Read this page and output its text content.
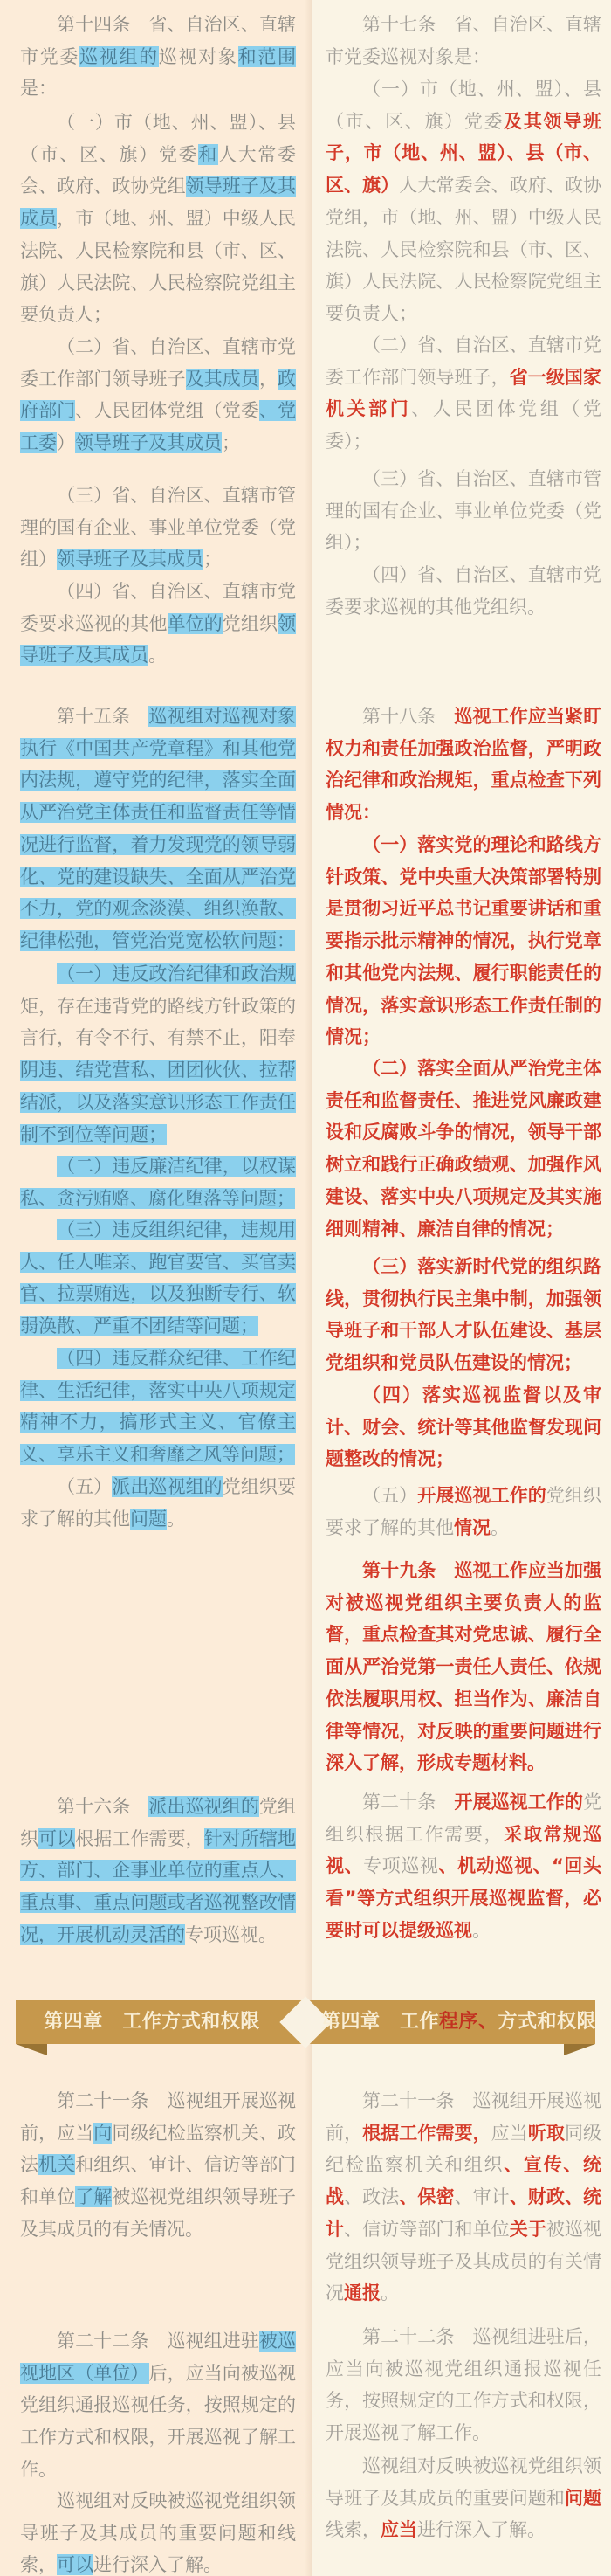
第十四条　省、自治区、直辖市党委巡视组的巡视对象和范围是：

（一）市（地、州、盟）、县（市、区、旗）党委和人大常委会、政府、政协党组领导班子及其成员，市（地、州、盟）中级人民法院、人民检察院和县（市、区、旗）人民法院、人民检察院党组主要负责人；

（二）省、自治区、直辖市党委工作部门领导班子及其成员，政府部门、人民团体党组（党委、党工委）领导班子及其成员；

（三）省、自治区、直辖市管理的国有企业、事业单位党委（党组）领导班子及其成员；

（四）省、自治区、直辖市党委要求巡视的其他单位的党组织领导班子及其成员。

第十五条　巡视组对巡视对象执行《中国共产党章程》和其他党内法规，遵守党的纪律，落实全面从严治党主体责任和监督责任等情况进行监督，着力发现党的领导弱化、党的建设缺失、全面从严治党不力，党的观念淡漠、组织涣散、纪律松弛，管党治党宽松软问题：

（一）违反政治纪律和政治规矩，存在违背党的路线方针政策的言行，有令不行、有禁不止，阳奉阴违、结党营私、团团伙伙、拉帮结派，以及落实意识形态工作责任制不到位等问题；

（二）违反廉洁纪律，以权谋私、贪污贿赂、腐化堕落等问题；

（三）违反组织纪律，违规用人、任人唯亲、跑官要官、买官卖官、拉票贿选，以及独断专行、软弱涣散、严重不团结等问题；

（四）违反群众纪律、工作纪律、生活纪律，落实中央八项规定精神不力，搞形式主义、官僚主义、享乐主义和奢靡之风等问题；

（五）派出巡视组的党组织要求了解的其他问题。

第十六条　派出巡视组的党组织可以根据工作需要，针对所辖地方、部门、企事业单位的重点人、重点事、重点问题或者巡视整改情况，开展机动灵活的专项巡视。

第二十一条　巡视组开展巡视前，应当向同级纪检监察机关、政法机关和组织、审计、信访等部门和单位了解被巡视党组织领导班子及其成员的有关情况。

第二十二条　巡视组进驻被巡视地区（单位）后，应当向被巡视党组织通报巡视任务，按照规定的工作方式和权限，开展巡视了解工作。

巡视组对反映被巡视党组织领导班子及其成员的重要问题和线索，可以进行深入了解。

第十七条　省、自治区、直辖市党委巡视对象是：

（一）市（地、州、盟）、县（市、区、旗）党委及其领导班子，市（地、州、盟）、县（市、区、旗）人大常委会、政府、政协党组，市（地、州、盟）中级人民法院、人民检察院和县（市、区、旗）人民法院、人民检察院党组主要负责人；

（二）省、自治区、直辖市党委工作部门领导班子，省一级国家机关部门、人民团体党组（党委）；

（三）省、自治区、直辖市管理的国有企业、事业单位党委（党组）；

（四）省、自治区、直辖市党委要求巡视的其他党组织。

第十八条　巡视工作应当紧盯权力和责任加强政治监督，严明政治纪律和政治规矩，重点检查下列情况：

（一）落实党的理论和路线方针政策、党中央重大决策部署特别是贯彻习近平总书记重要讲话和重要指示批示精神的情况，执行党章和其他党内法规、履行职能责任的情况，落实意识形态工作责任制的情况；

（二）落实全面从严治党主体责任和监督责任、推进党风廉政建设和反腐败斗争的情况，领导干部树立和践行正确政绩观、加强作风建设、落实中央八项规定及其实施细则精神、廉洁自律的情况；

（三）落实新时代党的组织路线，贯彻执行民主集中制，加强领导班子和干部人才队伍建设、基层党组织和党员队伍建设的情况；

（四）落实巡视监督以及审计、财会、统计等其他监督发现问题整改的情况；

（五）开展巡视工作的党组织要求了解的其他情况。

第十九条　巡视工作应当加强对被巡视党组织主要负责人的监督，重点检查其对党忠诚、履行全面从严治党第一责任人责任、依规依法履职用权、担当作为、廉洁自律等情况，对反映的重要问题进行深入了解，形成专题材料。

第二十条　开展巡视工作的党组织根据工作需要，采取常规巡视、专项巡视、机动巡视、“回头看”等方式组织开展巡视监督，必要时可以提级巡视。

第二十一条　巡视组开展巡视前，根据工作需要，应当听取同级纪检监察机关和组织、宣传、统战、政法、保密、审计、财政、统计、信访等部门和单位关于被巡视党组织领导班子及其成员的有关情况通报。

第二十二条　巡视组进驻后，应当向被巡视党组织通报巡视任务，按照规定的工作方式和权限，开展巡视了解工作。

巡视组对反映被巡视党组织领导班子及其成员的重要问题和问题线索，应当进行深入了解。

第四章　工作方式和权限	第四章　工作程序、方式和权限
